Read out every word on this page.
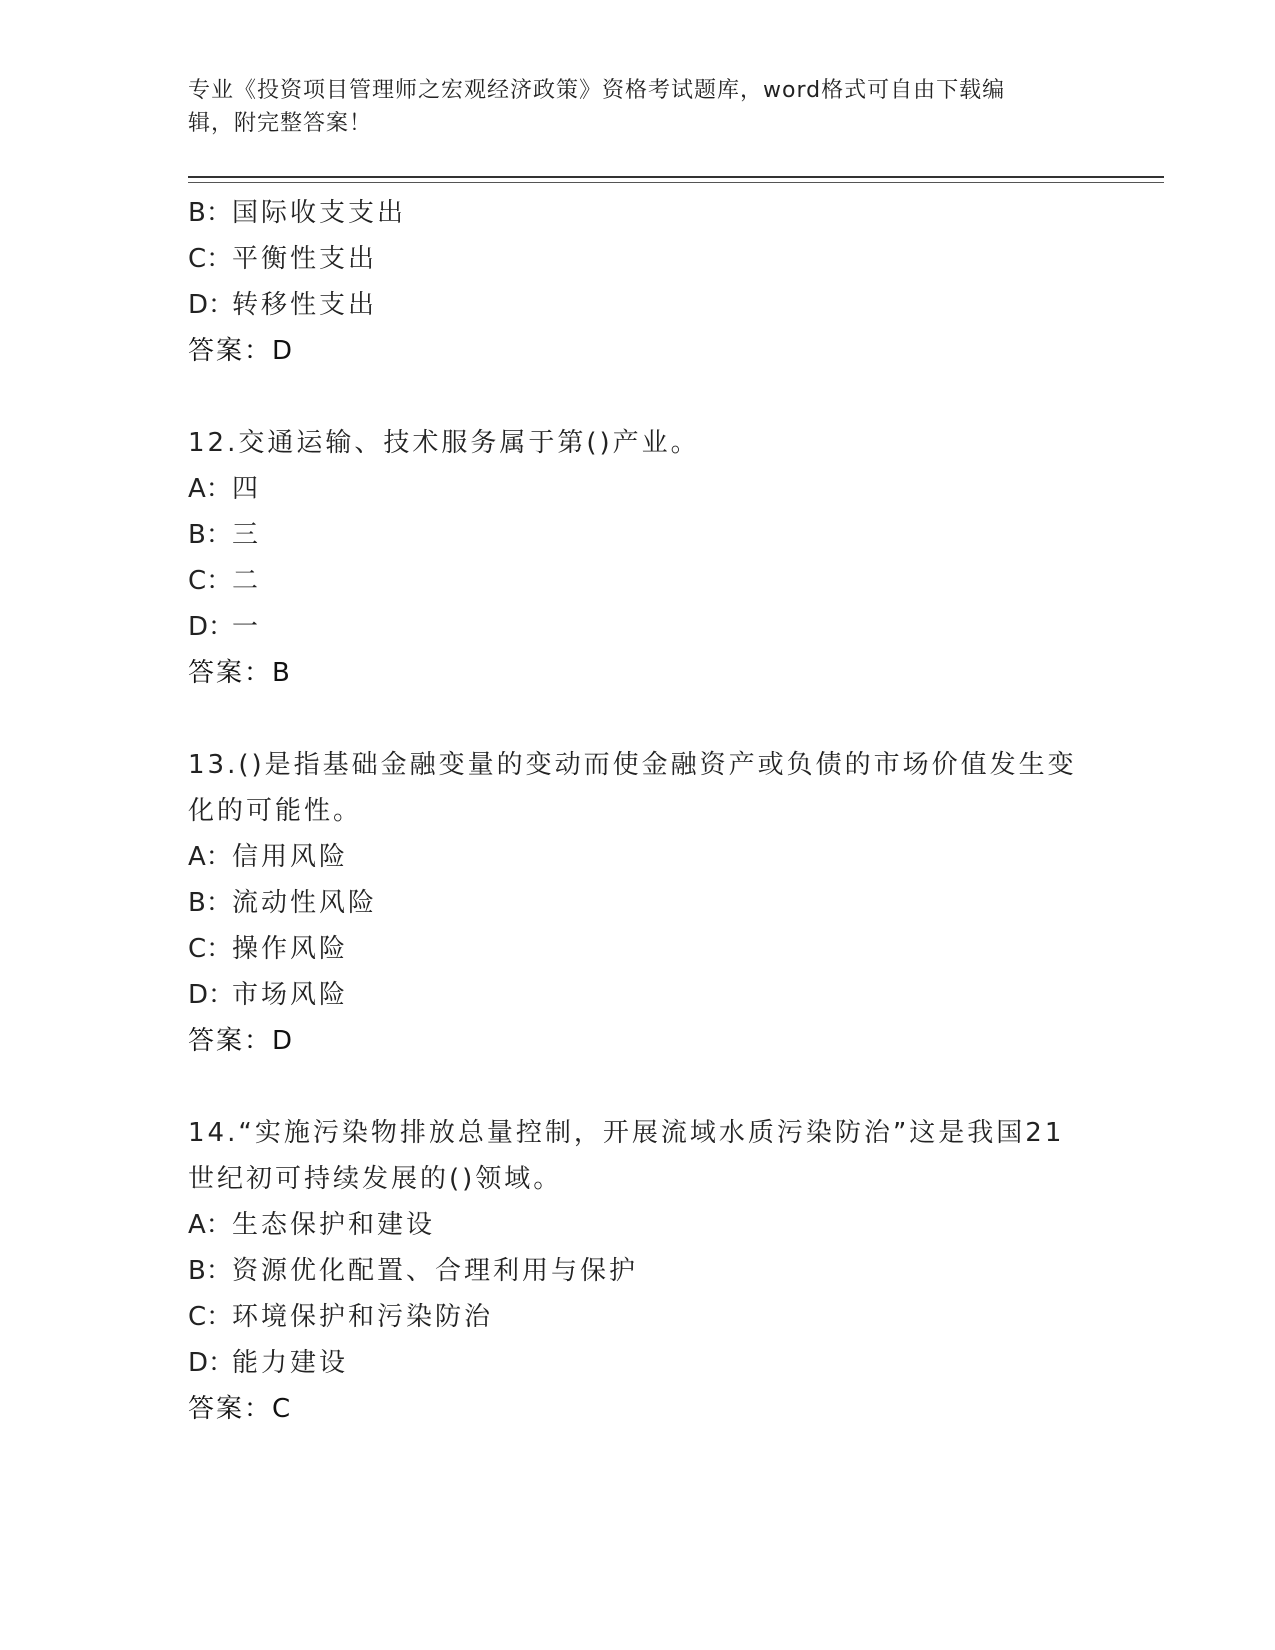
专业《投资项目管理师之宏观经济政策》资格考试题库，word格式可自由下载编
辑，附完整答案！
B：国际收支支出
C：平衡性支出
D：转移性支出
答案：D
12.交通运输、技术服务属于第()产业。
A：四
B：三
C：二
D：一
答案：B
13.()是指基础金融变量的变动而使金融资产或负债的市场价值发生变
化的可能性。
A：信用风险
B：流动性风险
C：操作风险
D：市场风险
答案：D
14.“实施污染物排放总量控制，开展流域水质污染防治”这是我国21
世纪初可持续发展的()领域。
A：生态保护和建设
B：资源优化配置、合理利用与保护
C：环境保护和污染防治
D：能力建设
答案：C
